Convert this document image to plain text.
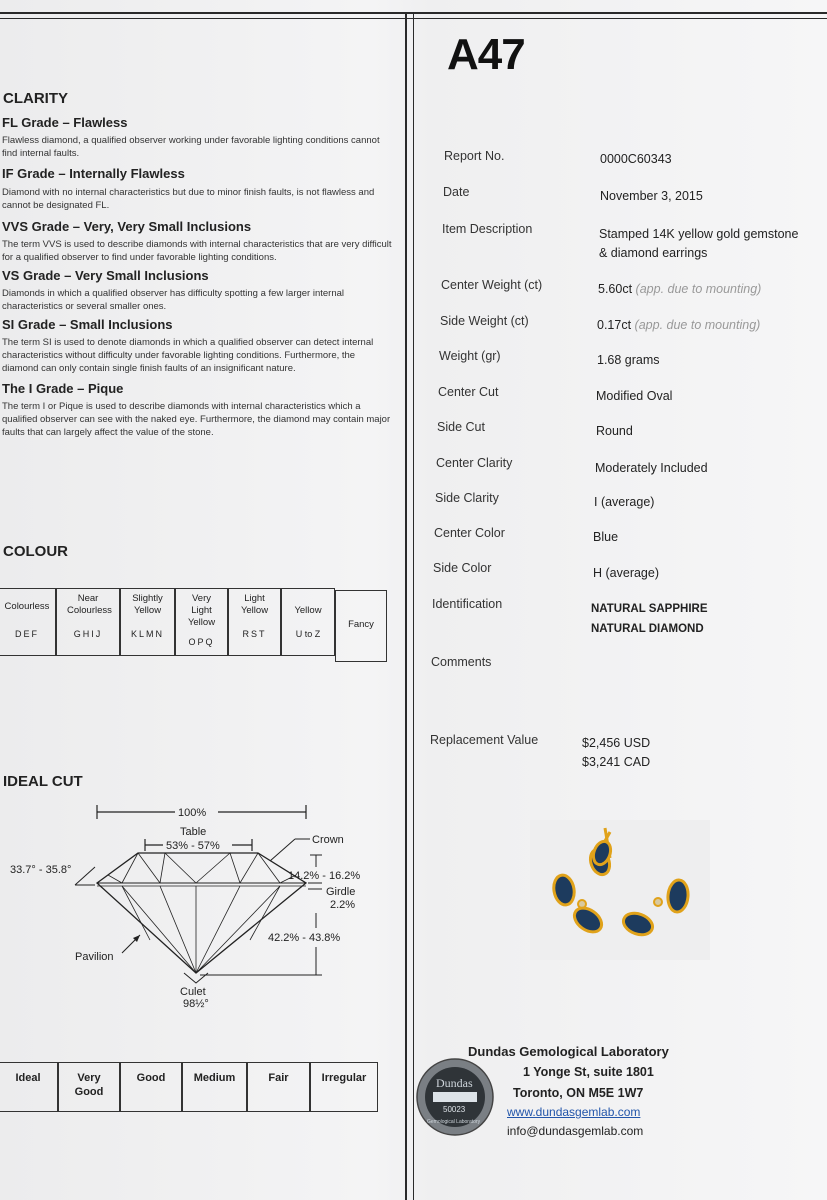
A47
CLARITY
FL Grade – Flawless
Flawless diamond, a qualified observer working under favorable lighting conditions cannot find internal faults.
IF Grade – Internally Flawless
Diamond with no internal characteristics but due to minor finish faults, is not flawless and cannot be designated FL.
VVS Grade – Very, Very Small Inclusions
The term VVS is used to describe diamonds with internal characteristics that are very difficult for a qualified observer to find under favorable lighting conditions.
VS Grade – Very Small Inclusions
Diamonds in which a qualified observer has difficulty spotting a few larger internal characteristics or several smaller ones.
SI Grade – Small Inclusions
The term SI is used to denote diamonds in which a qualified observer can detect internal characteristics without difficulty under favorable lighting conditions. Furthermore, the diamond can only contain single finish faults of an insignificant nature.
The I Grade – Pique
The term I or Pique is used to describe diamonds with internal characteristics which a qualified observer can see with the naked eye. Furthermore, the diamond may contain major faults that can largely affect the value of the stone.
COLOUR
Colourless
DEF
Near Colourless
GHIJ
Slightly Yellow
KLMN
Very Light Yellow
OPQ
Light Yellow
RST
Yellow
U to Z
Fancy
IDEAL CUT
100%
Table
53% - 57%	Crown
33.7° - 35.8°	14.2% - 16.2%
Girdle
2.2%
42.2% - 43.8%
Pavilion
Culet
98½°
Ideal	Very Good
Good	Medium	Fair	Irregular
Report No.	0000C60343
Date	November 3, 2015
Item Description	Stamped 14K yellow gold gemstone & diamond earrings
Center Weight (ct)	5.60ct (app. due to mounting)
Side Weight (ct)	0.17ct (app. due to mounting)
Weight (gr)	1.68 grams
Center Cut	Modified Oval
Side Cut	Round
Center Clarity	Moderately Included
Side Clarity	I (average)
Center Color	Blue
Side Color	H (average)
Identification	NATURAL SAPPHIRE
NATURAL DIAMOND
Comments
Replacement Value	$2,456 USD
$3,241 CAD
Dundas
50023
Gemological Laboratory
Dundas Gemological Laboratory
1 Yonge St, suite 1801
Toronto, ON M5E 1W7
www.dundasgemlab.com
info@dundasgemlab.com
